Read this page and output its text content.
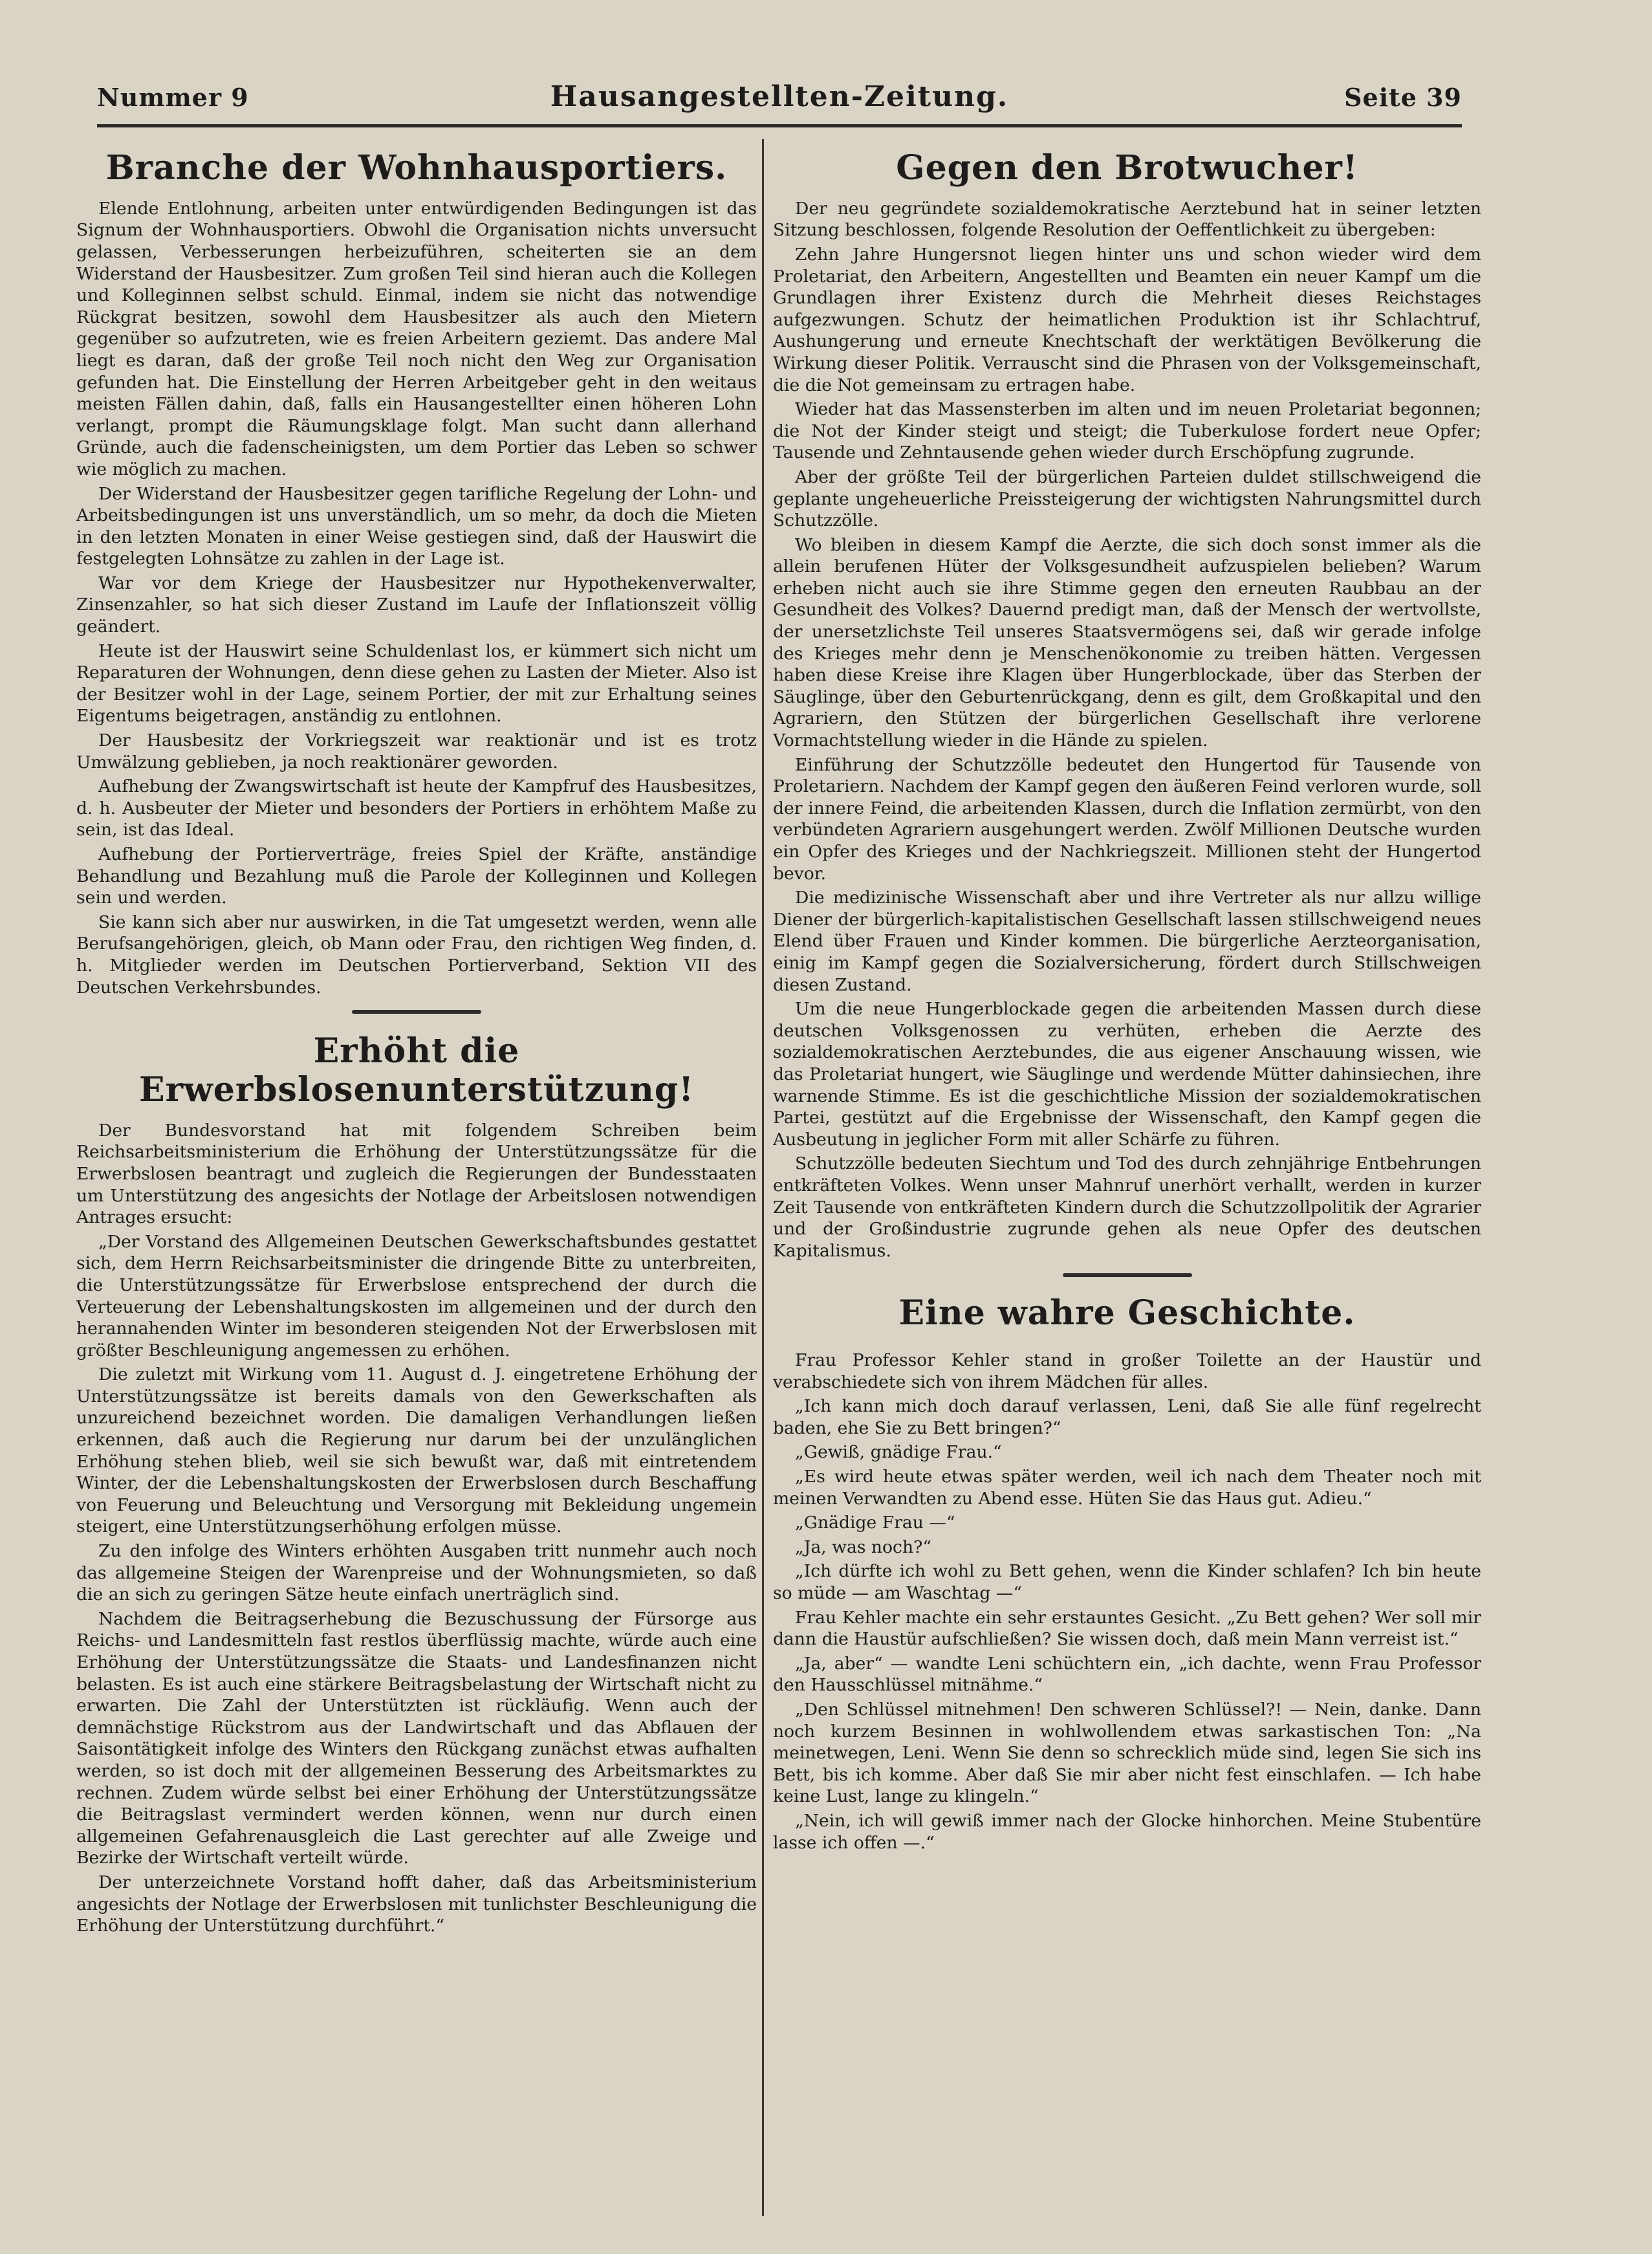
Nummer 9	Hausangestellten-Zeitung.	Seite 39
Branche der Wohnhausportiers.

Elende Entlohnung, arbeiten unter entwürdigenden Bedingungen ist das Signum der Wohnhausportiers. Obwohl die Organisation nichts unversucht gelassen, Verbesserungen herbeizuführen, scheiterten sie an dem Widerstand der Hausbesitzer. Zum großen Teil sind hieran auch die Kollegen und Kolleginnen selbst schuld. Einmal, indem sie nicht das notwendige Rückgrat besitzen, sowohl dem Hausbesitzer als auch den Mietern gegenüber so aufzutreten, wie es freien Arbeitern geziemt. Das andere Mal liegt es daran, daß der große Teil noch nicht den Weg zur Organisation gefunden hat. Die Einstellung der Herren Arbeitgeber geht in den weitaus meisten Fällen dahin, daß, falls ein Hausangestellter einen höheren Lohn verlangt, prompt die Räumungsklage folgt. Man sucht dann allerhand Gründe, auch die fadenscheinigsten, um dem Portier das Leben so schwer wie möglich zu machen.

Der Widerstand der Hausbesitzer gegen tarifliche Regelung der Lohn- und Arbeitsbedingungen ist uns unverständlich, um so mehr, da doch die Mieten in den letzten Monaten in einer Weise gestiegen sind, daß der Hauswirt die festgelegten Lohnsätze zu zahlen in der Lage ist.

War vor dem Kriege der Hausbesitzer nur Hypothekenverwalter, Zinsenzahler, so hat sich dieser Zustand im Laufe der Inflationszeit völlig geändert.

Heute ist der Hauswirt seine Schuldenlast los, er kümmert sich nicht um Reparaturen der Wohnungen, denn diese gehen zu Lasten der Mieter. Also ist der Besitzer wohl in der Lage, seinem Portier, der mit zur Erhaltung seines Eigentums beigetragen, anständig zu entlohnen.

Der Hausbesitz der Vorkriegszeit war reaktionär und ist es trotz Umwälzung geblieben, ja noch reaktionärer geworden.

Aufhebung der Zwangswirtschaft ist heute der Kampfruf des Hausbesitzes, d. h. Ausbeuter der Mieter und besonders der Portiers in erhöhtem Maße zu sein, ist das Ideal.

Aufhebung der Portierverträge, freies Spiel der Kräfte, anständige Behandlung und Bezahlung muß die Parole der Kolleginnen und Kollegen sein und werden.

Sie kann sich aber nur auswirken, in die Tat umgesetzt werden, wenn alle Berufsangehörigen, gleich, ob Mann oder Frau, den richtigen Weg finden, d. h. Mitglieder werden im Deutschen Portierverband, Sektion VII des Deutschen Verkehrsbundes.

Erhöht die Erwerbslosenunterstützung!

Der Bundesvorstand hat mit folgendem Schreiben beim Reichsarbeitsministerium die Erhöhung der Unterstützungssätze für die Erwerbslosen beantragt und zugleich die Regierungen der Bundesstaaten um Unterstützung des angesichts der Notlage der Arbeitslosen notwendigen Antrages ersucht:

„Der Vorstand des Allgemeinen Deutschen Gewerkschaftsbundes gestattet sich, dem Herrn Reichsarbeitsminister die dringende Bitte zu unterbreiten, die Unterstützungssätze für Erwerbslose entsprechend der durch die Verteuerung der Lebenshaltungskosten im allgemeinen und der durch den herannahenden Winter im besonderen steigenden Not der Erwerbslosen mit größter Beschleunigung angemessen zu erhöhen.

Die zuletzt mit Wirkung vom 11. August d. J. eingetretene Erhöhung der Unterstützungssätze ist bereits damals von den Gewerkschaften als unzureichend bezeichnet worden. Die damaligen Verhandlungen ließen erkennen, daß auch die Regierung nur darum bei der unzulänglichen Erhöhung stehen blieb, weil sie sich bewußt war, daß mit eintretendem Winter, der die Lebenshaltungskosten der Erwerbslosen durch Beschaffung von Feuerung und Beleuchtung und Versorgung mit Bekleidung ungemein steigert, eine Unterstützungserhöhung erfolgen müsse.

Zu den infolge des Winters erhöhten Ausgaben tritt nunmehr auch noch das allgemeine Steigen der Warenpreise und der Wohnungsmieten, so daß die an sich zu geringen Sätze heute einfach unerträglich sind.

Nachdem die Beitragserhebung die Bezuschussung der Fürsorge aus Reichs- und Landesmitteln fast restlos überflüssig machte, würde auch eine Erhöhung der Unterstützungssätze die Staats- und Landesfinanzen nicht belasten. Es ist auch eine stärkere Beitragsbelastung der Wirtschaft nicht zu erwarten. Die Zahl der Unterstützten ist rückläufig. Wenn auch der demnächstige Rückstrom aus der Landwirtschaft und das Abflauen der Saisontätigkeit infolge des Winters den Rückgang zunächst etwas aufhalten werden, so ist doch mit der allgemeinen Besserung des Arbeitsmarktes zu rechnen. Zudem würde selbst bei einer Erhöhung der Unterstützungssätze die Beitragslast vermindert werden können, wenn nur durch einen allgemeinen Gefahrenausgleich die Last gerechter auf alle Zweige und Bezirke der Wirtschaft verteilt würde.

Der unterzeichnete Vorstand hofft daher, daß das Arbeitsministerium angesichts der Notlage der Erwerbslosen mit tunlichster Beschleunigung die Erhöhung der Unterstützung durchführt.“

Gegen den Brotwucher!

Der neu gegründete sozialdemokratische Aerztebund hat in seiner letzten Sitzung beschlossen, folgende Resolution der Oeffentlichkeit zu übergeben:

Zehn Jahre Hungersnot liegen hinter uns und schon wieder wird dem Proletariat, den Arbeitern, Angestellten und Beamten ein neuer Kampf um die Grundlagen ihrer Existenz durch die Mehrheit dieses Reichstages aufgezwungen. Schutz der heimatlichen Produktion ist ihr Schlachtruf, Aushungerung und erneute Knechtschaft der werktätigen Bevölkerung die Wirkung dieser Politik. Verrauscht sind die Phrasen von der Volksgemeinschaft, die die Not gemeinsam zu ertragen habe.

Wieder hat das Massensterben im alten und im neuen Proletariat begonnen; die Not der Kinder steigt und steigt; die Tuberkulose fordert neue Opfer; Tausende und Zehntausende gehen wieder durch Erschöpfung zugrunde.

Aber der größte Teil der bürgerlichen Parteien duldet stillschweigend die geplante ungeheuerliche Preissteigerung der wichtigsten Nahrungsmittel durch Schutzzölle.

Wo bleiben in diesem Kampf die Aerzte, die sich doch sonst immer als die allein berufenen Hüter der Volksgesundheit aufzuspielen belieben? Warum erheben nicht auch sie ihre Stimme gegen den erneuten Raubbau an der Gesundheit des Volkes? Dauernd predigt man, daß der Mensch der wertvollste, der unersetzlichste Teil unseres Staatsvermögens sei, daß wir gerade infolge des Krieges mehr denn je Menschenökonomie zu treiben hätten. Vergessen haben diese Kreise ihre Klagen über Hungerblockade, über das Sterben der Säuglinge, über den Geburtenrückgang, denn es gilt, dem Großkapital und den Agrariern, den Stützen der bürgerlichen Gesellschaft ihre verlorene Vormachtstellung wieder in die Hände zu spielen.

Einführung der Schutzzölle bedeutet den Hungertod für Tausende von Proletariern. Nachdem der Kampf gegen den äußeren Feind verloren wurde, soll der innere Feind, die arbeitenden Klassen, durch die Inflation zermürbt, von den verbündeten Agrariern ausgehungert werden. Zwölf Millionen Deutsche wurden ein Opfer des Krieges und der Nachkriegszeit. Millionen steht der Hungertod bevor.

Die medizinische Wissenschaft aber und ihre Vertreter als nur allzu willige Diener der bürgerlich-kapitalistischen Gesellschaft lassen stillschweigend neues Elend über Frauen und Kinder kommen. Die bürgerliche Aerzteorganisation, einig im Kampf gegen die Sozialversicherung, fördert durch Stillschweigen diesen Zustand.

Um die neue Hungerblockade gegen die arbeitenden Massen durch diese deutschen Volksgenossen zu verhüten, erheben die Aerzte des sozialdemokratischen Aerztebundes, die aus eigener Anschauung wissen, wie das Proletariat hungert, wie Säuglinge und werdende Mütter dahinsiechen, ihre warnende Stimme. Es ist die geschichtliche Mission der sozialdemokratischen Partei, gestützt auf die Ergebnisse der Wissenschaft, den Kampf gegen die Ausbeutung in jeglicher Form mit aller Schärfe zu führen.

Schutzzölle bedeuten Siechtum und Tod des durch zehnjährige Entbehrungen entkräfteten Volkes. Wenn unser Mahnruf unerhört verhallt, werden in kurzer Zeit Tausende von entkräfteten Kindern durch die Schutzzollpolitik der Agrarier und der Großindustrie zugrunde gehen als neue Opfer des deutschen Kapitalismus.

Eine wahre Geschichte.

Frau Professor Kehler stand in großer Toilette an der Haustür und verabschiedete sich von ihrem Mädchen für alles.

„Ich kann mich doch darauf verlassen, Leni, daß Sie alle fünf regelrecht baden, ehe Sie zu Bett bringen?“

„Gewiß, gnädige Frau.“

„Es wird heute etwas später werden, weil ich nach dem Theater noch mit meinen Verwandten zu Abend esse. Hüten Sie das Haus gut. Adieu.“

„Gnädige Frau —“

„Ja, was noch?“

„Ich dürfte ich wohl zu Bett gehen, wenn die Kinder schlafen? Ich bin heute so müde — am Waschtag —“

Frau Kehler machte ein sehr erstauntes Gesicht. „Zu Bett gehen? Wer soll mir dann die Haustür aufschließen? Sie wissen doch, daß mein Mann verreist ist.“

„Ja, aber“ — wandte Leni schüchtern ein, „ich dachte, wenn Frau Professor den Hausschlüssel mitnähme.“

„Den Schlüssel mitnehmen! Den schweren Schlüssel?! — Nein, danke. Dann noch kurzem Besinnen in wohlwollendem etwas sarkastischen Ton: „Na meinetwegen, Leni. Wenn Sie denn so schrecklich müde sind, legen Sie sich ins Bett, bis ich komme. Aber daß Sie mir aber nicht fest einschlafen. — Ich habe keine Lust, lange zu klingeln.“

„Nein, ich will gewiß immer nach der Glocke hinhorchen. Meine Stubentüre lasse ich offen —.“
